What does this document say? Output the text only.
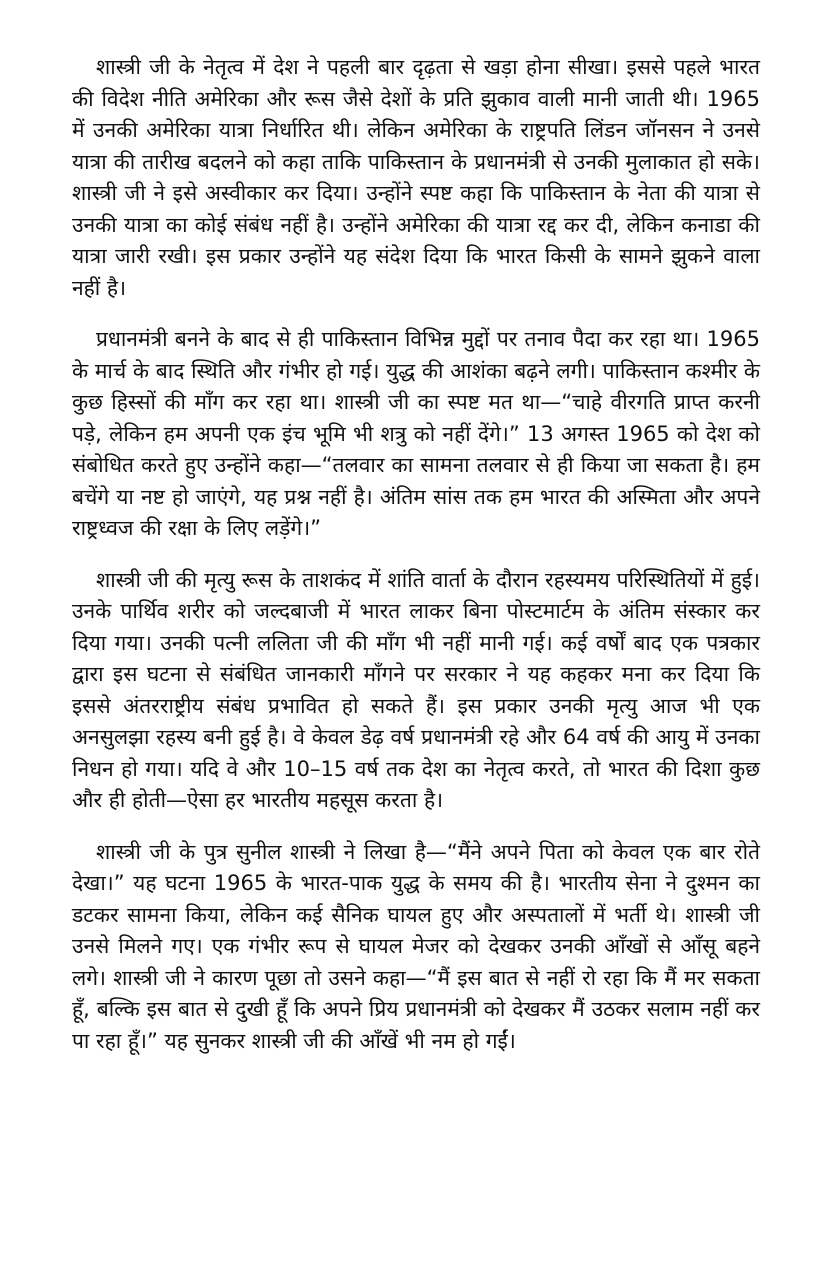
शास्त्री जी के नेतृत्व में देश ने पहली बार दृढ़ता से खड़ा होना सीखा। इससे पहले भारत की विदेश नीति अमेरिका और रूस जैसे देशों के प्रति झुकाव वाली मानी जाती थी। 1965 में उनकी अमेरिका यात्रा निर्धारित थी। लेकिन अमेरिका के राष्ट्रपति लिंडन जॉनसन ने उनसे यात्रा की तारीख बदलने को कहा ताकि पाकिस्तान के प्रधानमंत्री से उनकी मुलाकात हो सके। शास्त्री जी ने इसे अस्वीकार कर दिया। उन्होंने स्पष्ट कहा कि पाकिस्तान के नेता की यात्रा से उनकी यात्रा का कोई संबंध नहीं है। उन्होंने अमेरिका की यात्रा रद्द कर दी, लेकिन कनाडा की यात्रा जारी रखी। इस प्रकार उन्होंने यह संदेश दिया कि भारत किसी के सामने झुकने वाला नहीं है।

प्रधानमंत्री बनने के बाद से ही पाकिस्तान विभिन्न मुद्दों पर तनाव पैदा कर रहा था। 1965 के मार्च के बाद स्थिति और गंभीर हो गई। युद्ध की आशंका बढ़ने लगी। पाकिस्तान कश्मीर के कुछ हिस्सों की माँग कर रहा था। शास्त्री जी का स्पष्ट मत था—“चाहे वीरगति प्राप्त करनी पड़े, लेकिन हम अपनी एक इंच भूमि भी शत्रु को नहीं देंगे।” 13 अगस्त 1965 को देश को संबोधित करते हुए उन्होंने कहा—“तलवार का सामना तलवार से ही किया जा सकता है। हम बचेंगे या नष्ट हो जाएंगे, यह प्रश्न नहीं है। अंतिम सांस तक हम भारत की अस्मिता और अपने राष्ट्रध्वज की रक्षा के लिए लड़ेंगे।”

शास्त्री जी की मृत्यु रूस के ताशकंद में शांति वार्ता के दौरान रहस्यमय परिस्थितियों में हुई। उनके पार्थिव शरीर को जल्दबाजी में भारत लाकर बिना पोस्टमार्टम के अंतिम संस्कार कर दिया गया। उनकी पत्नी ललिता जी की माँग भी नहीं मानी गई। कई वर्षों बाद एक पत्रकार द्वारा इस घटना से संबंधित जानकारी माँगने पर सरकार ने यह कहकर मना कर दिया कि इससे अंतरराष्ट्रीय संबंध प्रभावित हो सकते हैं। इस प्रकार उनकी मृत्यु आज भी एक अनसुलझा रहस्य बनी हुई है। वे केवल डेढ़ वर्ष प्रधानमंत्री रहे और 64 वर्ष की आयु में उनका निधन हो गया। यदि वे और 10–15 वर्ष तक देश का नेतृत्व करते, तो भारत की दिशा कुछ और ही होती—ऐसा हर भारतीय महसूस करता है।

शास्त्री जी के पुत्र सुनील शास्त्री ने लिखा है—“मैंने अपने पिता को केवल एक बार रोते देखा।” यह घटना 1965 के भारत-पाक युद्ध के समय की है। भारतीय सेना ने दुश्मन का डटकर सामना किया, लेकिन कई सैनिक घायल हुए और अस्पतालों में भर्ती थे। शास्त्री जी उनसे मिलने गए। एक गंभीर रूप से घायल मेजर को देखकर उनकी आँखों से आँसू बहने लगे। शास्त्री जी ने कारण पूछा तो उसने कहा—“मैं इस बात से नहीं रो रहा कि मैं मर सकता हूँ, बल्कि इस बात से दुखी हूँ कि अपने प्रिय प्रधानमंत्री को देखकर मैं उठकर सलाम नहीं कर पा रहा हूँ।” यह सुनकर शास्त्री जी की आँखें भी नम हो गईं।
